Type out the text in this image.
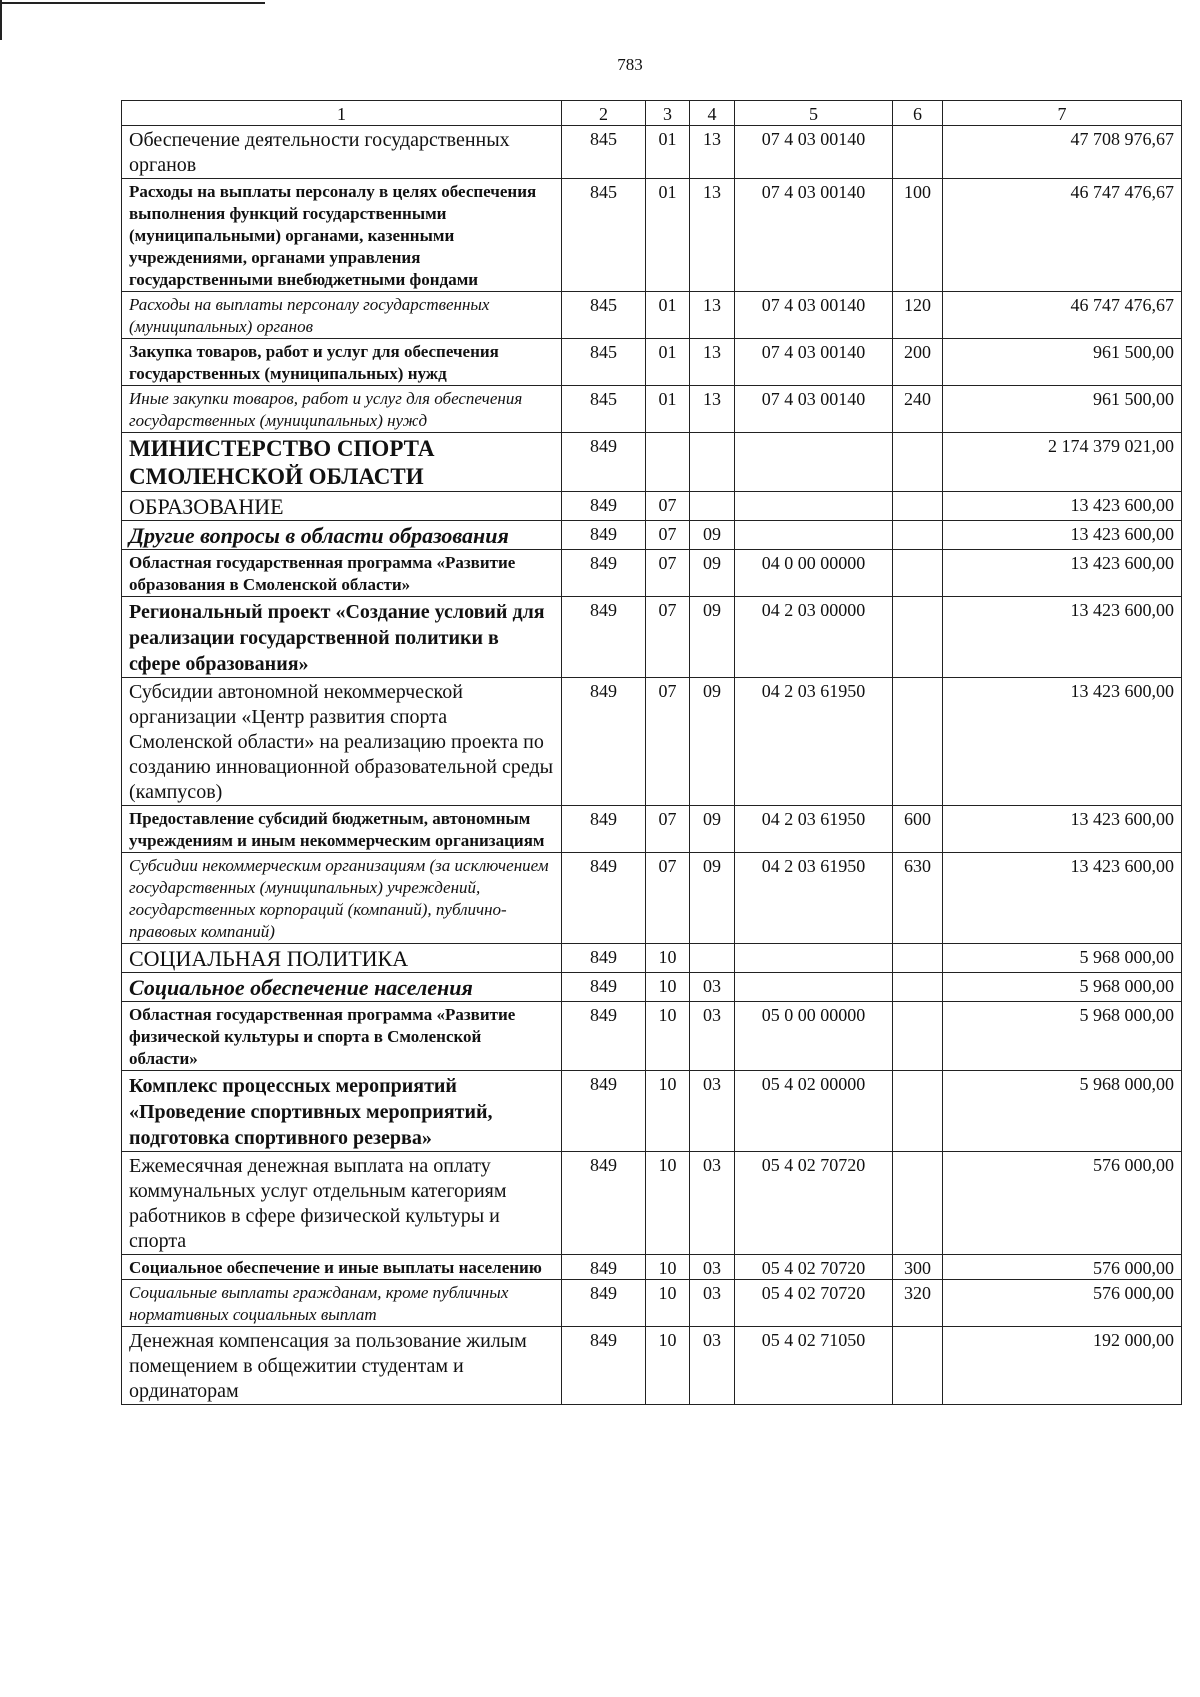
783
1	2	3	4	5	6	7
Обеспечение деятельности государственных органов	845	01	13	07 4 03 00140		47 708 976,67
Расходы на выплаты персоналу в целях обеспечения выполнения функций государственными (муниципальными) органами, казенными учреждениями, органами управления государственными внебюджетными фондами	845	01	13	07 4 03 00140	100	46 747 476,67
Расходы на выплаты персоналу государственных (муниципальных) органов	845	01	13	07 4 03 00140	120	46 747 476,67
Закупка товаров, работ и услуг для обеспечения государственных (муниципальных) нужд	845	01	13	07 4 03 00140	200	961 500,00
Иные закупки товаров, работ и услуг для обеспечения государственных (муниципальных) нужд	845	01	13	07 4 03 00140	240	961 500,00
МИНИСТЕРСТВО СПОРТА СМОЛЕНСКОЙ ОБЛАСТИ	849					2 174 379 021,00
ОБРАЗОВАНИЕ	849	07				13 423 600,00
Другие вопросы в области образования	849	07	09			13 423 600,00
Областная государственная программа «Развитие образования в Смоленской области»	849	07	09	04 0 00 00000		13 423 600,00
Региональный проект «Создание условий для реализации государственной политики в сфере образования»	849	07	09	04 2 03 00000		13 423 600,00
Субсидии автономной некоммерческой организации «Центр развития спорта Смоленской области» на реализацию проекта по созданию инновационной образовательной среды (кампусов)	849	07	09	04 2 03 61950		13 423 600,00
Предоставление субсидий бюджетным, автономным учреждениям и иным некоммерческим организациям	849	07	09	04 2 03 61950	600	13 423 600,00
Субсидии некоммерческим организациям (за исключением государственных (муниципальных) учреждений, государственных корпораций (компаний), публично-правовых компаний)	849	07	09	04 2 03 61950	630	13 423 600,00
СОЦИАЛЬНАЯ ПОЛИТИКА	849	10				5 968 000,00
Социальное обеспечение населения	849	10	03			5 968 000,00
Областная государственная программа «Развитие физической культуры и спорта в Смоленской области»	849	10	03	05 0 00 00000		5 968 000,00
Комплекс процессных мероприятий «Проведение спортивных мероприятий, подготовка спортивного резерва»	849	10	03	05 4 02 00000		5 968 000,00
Ежемесячная денежная выплата на оплату коммунальных услуг отдельным категориям работников в сфере физической культуры и спорта	849	10	03	05 4 02 70720		576 000,00
Социальное обеспечение и иные выплаты населению	849	10	03	05 4 02 70720	300	576 000,00
Социальные выплаты гражданам, кроме публичных нормативных социальных выплат	849	10	03	05 4 02 70720	320	576 000,00
Денежная компенсация за пользование жилым помещением в общежитии студентам и ординаторам	849	10	03	05 4 02 71050		192 000,00
